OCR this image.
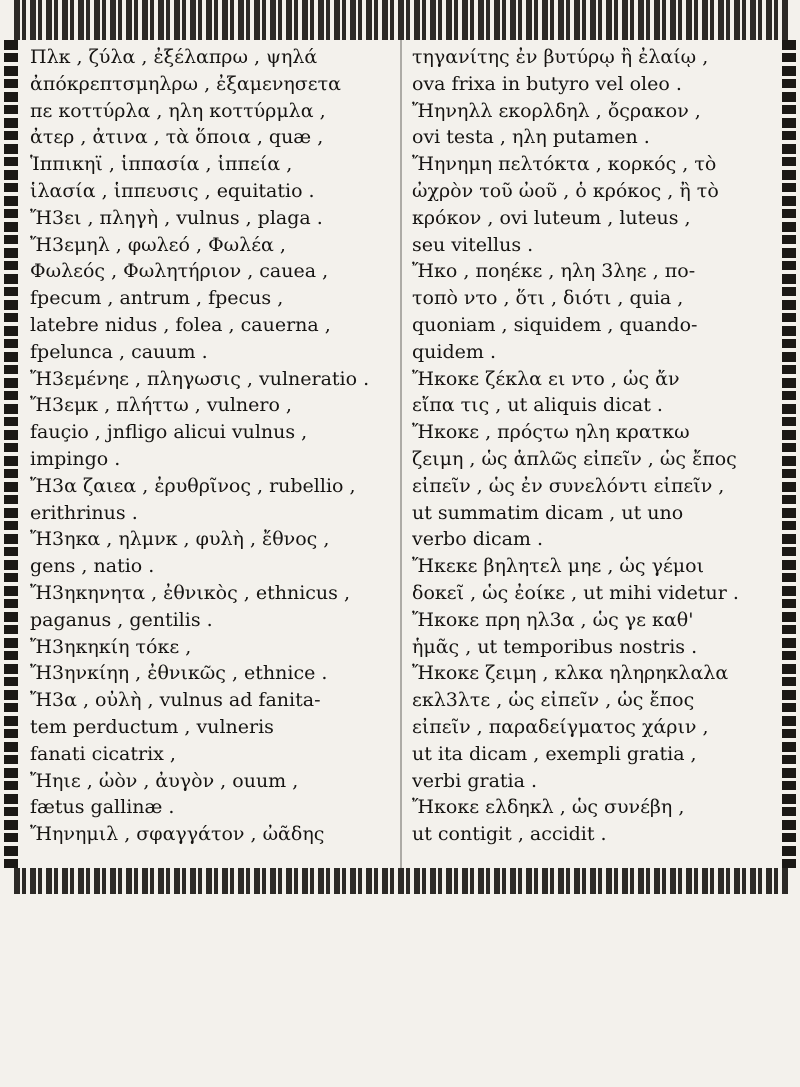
Πλκ , ζύλα , ἐξέλαπρω , ψηλά
ἀπόκρεπτσμηλρω , ἐξαμενησετα
πε κοττύρλα , ηλη κοττύρμλα ,
ἀτερ , ἀτινα , τὰ ὅποια , quæ ,
Ἱππικηϊ , ἱππασία , ἱππεία ,
ἱλασία , ἱππευσις , equitatio .
Ἤ3ει , πληγὴ , vulnus , plaga .
Ἤ3εμηλ , φωλεό , Φωλέα ,
Φωλεός , Φωλητήριον , cauea ,
fpecum , antrum , fpecus ,
latebre nidus , folea , cauerna ,
fpelunca , cauum .
Ἤ3εμένηε , πληγωσις , vulneratio .
Ἤ3εμκ , πλήττω , vulnero ,
fauçio , jnfligo alicui vulnus ,
impingo .
Ἤ3α ζαιεα , ἐρυθρῖνος , rubellio ,
erithrinus .
Ἤ3ηκα , ηλμνκ , φυλὴ , ἔθνος ,
gens , natio .
Ἤ3ηκηνητα , ἐθνικὸς , ethnicus ,
paganus , gentilis .
Ἤ3ηκηκίη τόκε ,
Ἤ3ηνκίηη , ἐθνικῶς , ethnice .
Ἤ3α , οὐλὴ , vulnus ad fanita-
tem perductum , vulneris
fanati cicatrix ,
Ἤηιε , ὠὸν , ἀυγὸν , ouum ,
fætus gallinæ .
Ἤηνημιλ , σφαγγάτον , ὠᾶδης
τηγανίτης ἐν βυτύρῳ ἢ ἐλαίῳ ,
ova frixa in butyro vel oleo .
Ἤηνηλλ εκορλδηλ , ὄςρακον ,
ovi testa , ηλη putamen .
Ἤηνημη πελτόκτα , κορκός , τὸ
ὠχρὸν τοῦ ὠοῦ , ὁ κρόκος , ἢ τὸ
κρόκον , ovi luteum , luteus ,
seu vitellus .
Ἤκο , ποηέκε , ηλη 3ληε , πο-
τοπὸ ντο , ὅτι , διότι , quia ,
quoniam , siquidem , quando-
quidem .
Ἤκοκε ζέκλα ει ντο , ὡς ἄν
εἴπα τις , ut aliquis dicat .
Ἤκοκε , πρόςτω ηλη κρατκω
ζειμη , ὡς ἁπλῶς εἰπεῖν , ὡς ἔπος
εἰπεῖν , ὡς ἐν συνελόντι εἰπεῖν ,
ut summatim dicam , ut uno
verbo dicam .
Ἤκεκε βηλητελ μηε , ὡς γέμοι
δοκεῖ , ὡς ἐοίκε , ut mihi videtur .
Ἤκοκε πρη ηλ3α , ὡς γε καθ'
ἡμᾶς , ut temporibus nostris .
Ἤκοκε ζειμη , κλκα ηληρηκλαλα
εκλ3λτε , ὡς εἰπεῖν , ὡς ἔπος
εἰπεῖν , παραδείγματος χάριν ,
ut ita dicam , exempli gratia ,
verbi gratia .
Ἤκοκε ελδηκλ , ὡς συνέβη ,
ut contigit , accidit .
